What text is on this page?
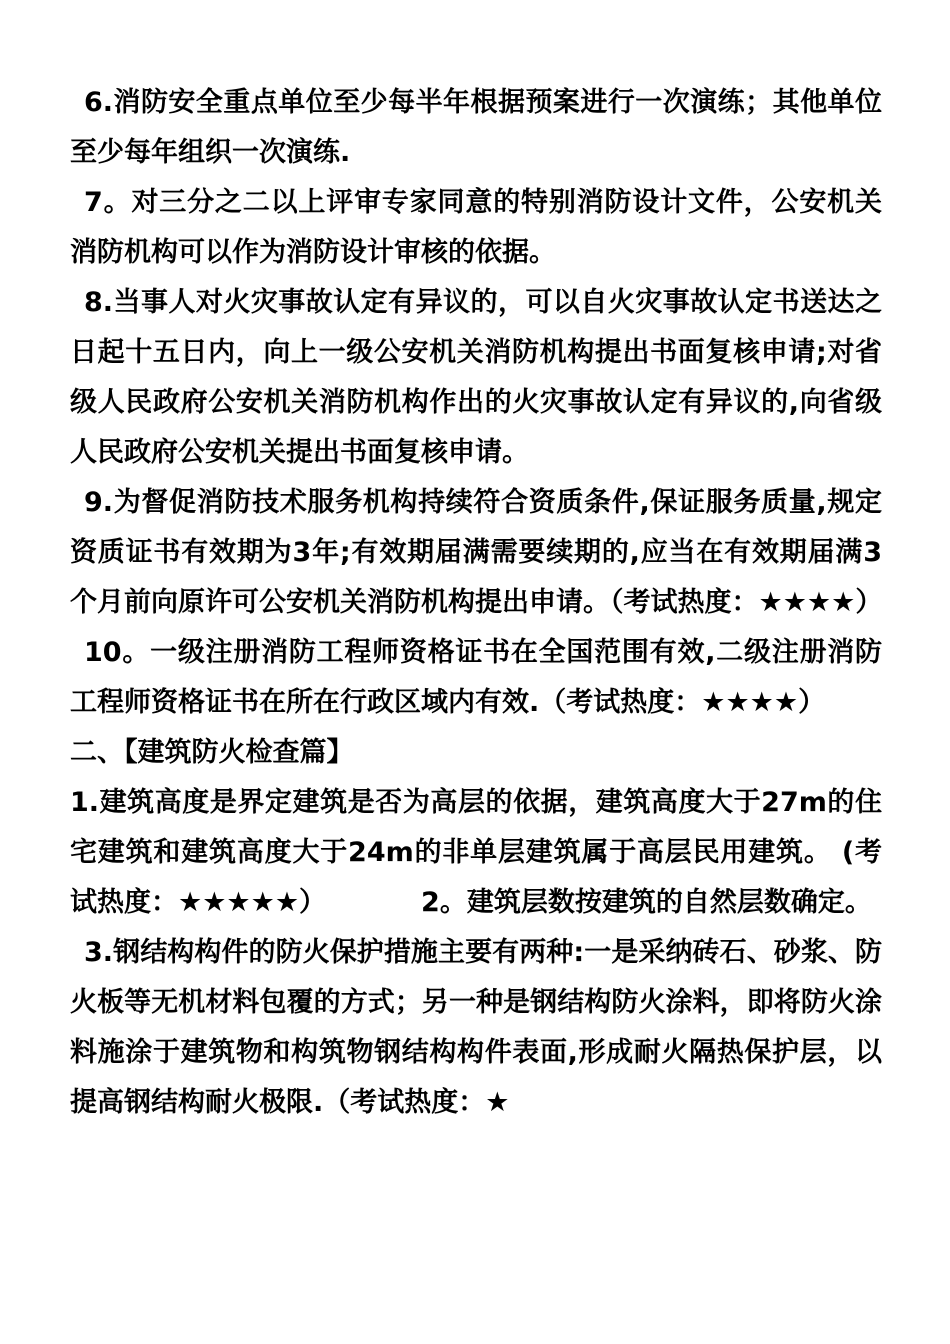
6.消防安全重点单位至少每半年根据预案进行一次演练；其他单位至少每年组织一次演练.

7。对三分之二以上评审专家同意的特别消防设计文件，公安机关消防机构可以作为消防设计审核的依据。

8.当事人对火灾事故认定有异议的，可以自火灾事故认定书送达之日起十五日内，向上一级公安机关消防机构提出书面复核申请;对省级人民政府公安机关消防机构作出的火灾事故认定有异议的,向省级人民政府公安机关提出书面复核申请。

9.为督促消防技术服务机构持续符合资质条件,保证服务质量,规定资质证书有效期为3年;有效期届满需要续期的,应当在有效期届满3个月前向原许可公安机关消防机构提出申请。（考试热度：★★★★）

10。一级注册消防工程师资格证书在全国范围有效,二级注册消防工程师资格证书在所在行政区域内有效.（考试热度：★★★★）

二、【建筑防火检查篇】

1.建筑高度是界定建筑是否为高层的依据，建筑高度大于27m的住宅建筑和建筑高度大于24m的非单层建筑属于高层民用建筑。 (考试热度：★★★★★）	2。建筑层数按建筑的自然层数确定。

3.钢结构构件的防火保护措施主要有两种:一是采纳砖石、砂浆、防火板等无机材料包覆的方式；另一种是钢结构防火涂料，即将防火涂料施涂于建筑物和构筑物钢结构构件表面,形成耐火隔热保护层，以提高钢结构耐火极限.（考试热度：★
